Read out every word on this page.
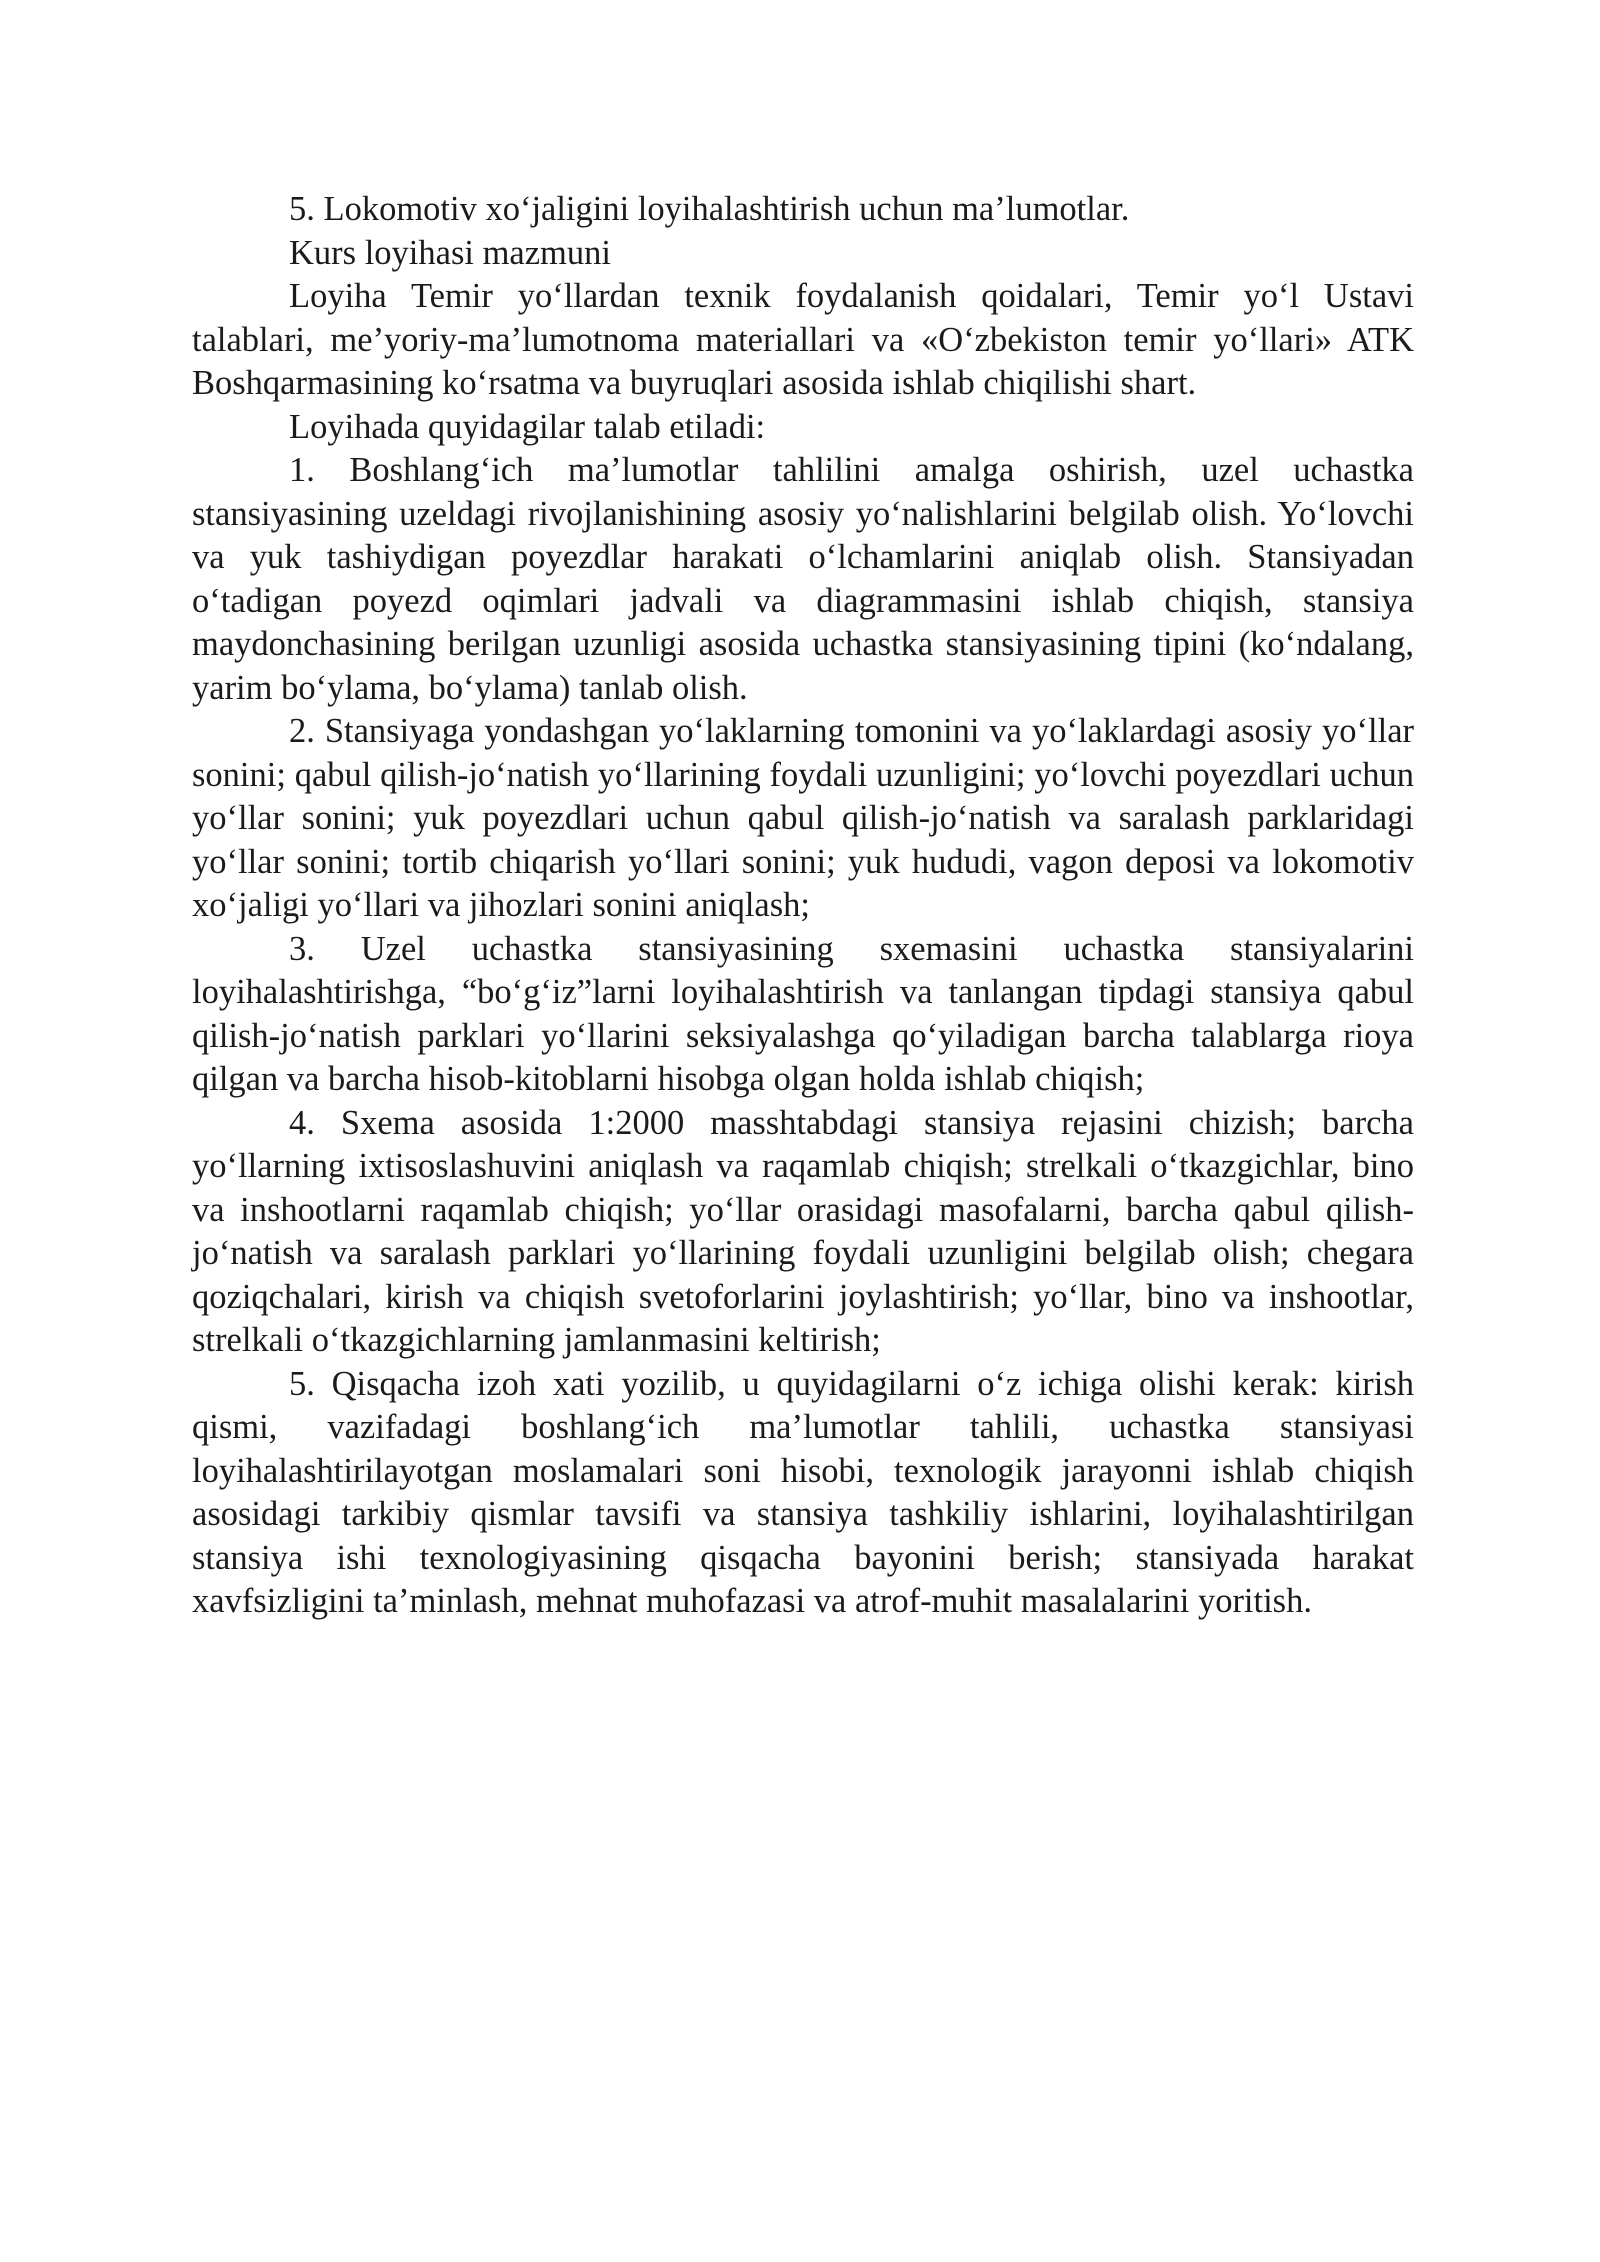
5. Lokomotiv xo‘jaligini loyihalashtirish uchun ma’lumotlar.

Kurs loyihasi mazmuni

Loyiha Temir yo‘llardan texnik foydalanish qoidalari, Temir yo‘l Ustavi talablari, me’yoriy-ma’lumotnoma materiallari va «O‘zbekiston temir yo‘llari» ATK Boshqarmasining ko‘rsatma va buyruqlari asosida ishlab chiqilishi shart.

Loyihada quyidagilar talab etiladi:

1. Boshlang‘ich ma’lumotlar tahlilini amalga oshirish, uzel uchastka stansiyasining uzeldagi rivojlanishining asosiy yo‘nalishlarini belgilab olish. Yo‘lovchi va yuk tashiydigan poyezdlar harakati o‘lchamlarini aniqlab olish. Stansiyadan o‘tadigan poyezd oqimlari jadvali va diagrammasini ishlab chiqish, stansiya maydonchasining berilgan uzunligi asosida uchastka stansiyasining tipini (ko‘ndalang, yarim bo‘ylama, bo‘ylama) tanlab olish.

2. Stansiyaga yondashgan yo‘laklarning tomonini va yo‘laklardagi asosiy yo‘llar sonini; qabul qilish-jo‘natish yo‘llarining foydali uzunligini; yo‘lovchi poyezdlari uchun yo‘llar sonini; yuk poyezdlari uchun qabul qilish-jo‘natish va saralash parklaridagi yo‘llar sonini; tortib chiqarish yo‘llari sonini; yuk hududi, vagon deposi va lokomotiv xo‘jaligi yo‘llari va jihozlari sonini aniqlash;

3. Uzel uchastka stansiyasining sxemasini uchastka stansiyalarini loyihalashtirishga, “bo‘g‘iz”larni loyihalashtirish va tanlangan tipdagi stansiya qabul qilish-jo‘natish parklari yo‘llarini seksiyalashga qo‘yiladigan barcha talablarga rioya qilgan va barcha hisob-kitoblarni hisobga olgan holda ishlab chiqish;

4. Sxema asosida 1:2000 masshtabdagi stansiya rejasini chizish; barcha yo‘llarning ixtisoslashuvini aniqlash va raqamlab chiqish; strelkali o‘tkazgichlar, bino va inshootlarni raqamlab chiqish; yo‘llar orasidagi masofalarni, barcha qabul qilish-jo‘natish va saralash parklari yo‘llarining foydali uzunligini belgilab olish; chegara qoziqchalari, kirish va chiqish svetoforlarini joylashtirish; yo‘llar, bino va inshootlar, strelkali o‘tkazgichlarning jamlanmasini keltirish;

5. Qisqacha izoh xati yozilib, u quyidagilarni o‘z ichiga olishi kerak: kirish qismi, vazifadagi boshlang‘ich ma’lumotlar tahlili, uchastka stansiyasi loyihalashtirilayotgan moslamalari soni hisobi, texnologik jarayonni ishlab chiqish asosidagi tarkibiy qismlar tavsifi va stansiya tashkiliy ishlarini, loyihalashtirilgan stansiya ishi texnologiyasining qisqacha bayonini berish; stansiyada harakat xavfsizligini ta’minlash, mehnat muhofazasi va atrof-muhit masalalarini yoritish.
